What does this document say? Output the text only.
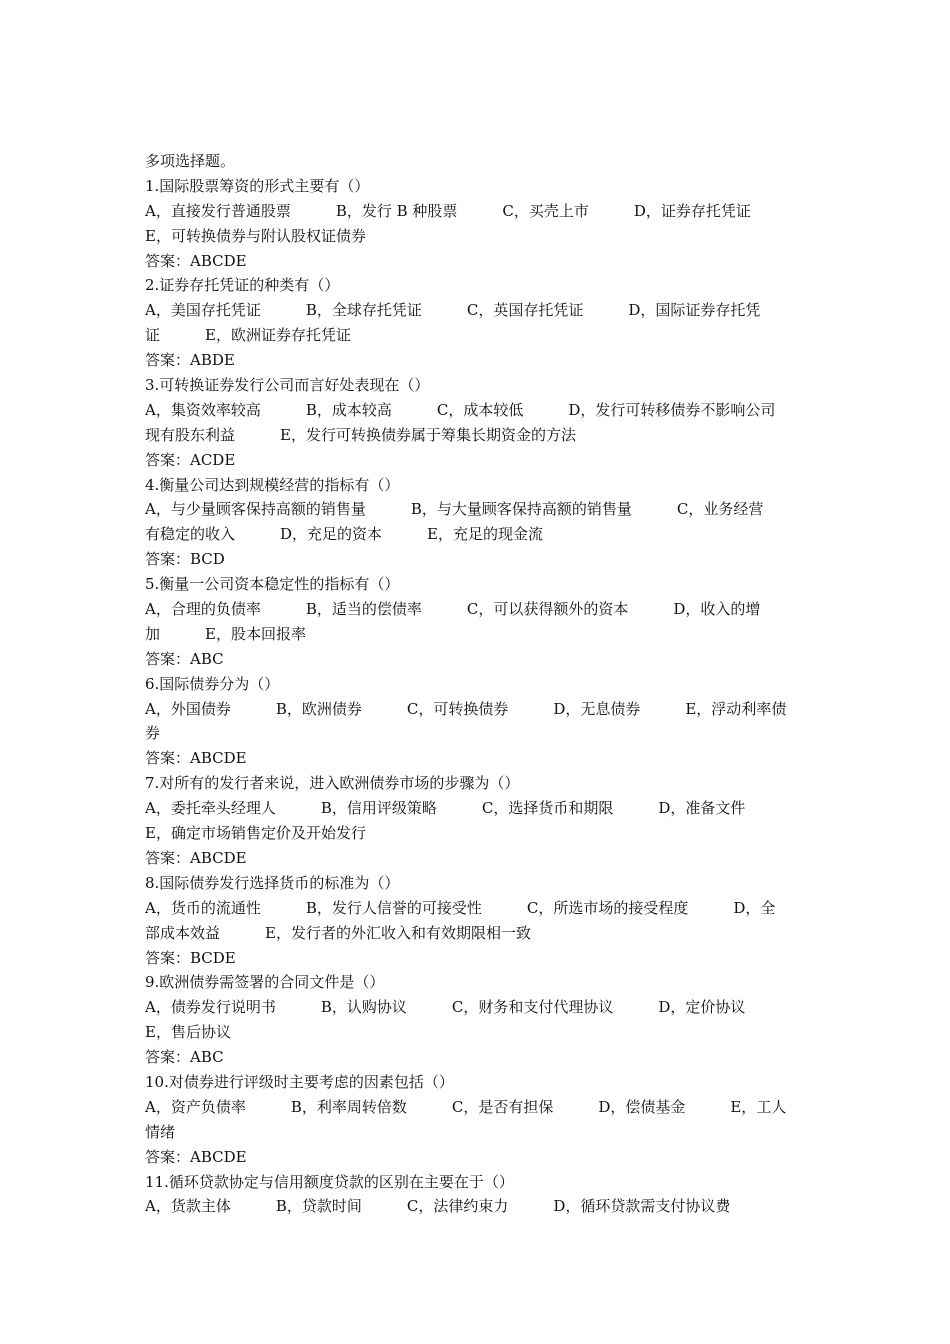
多项选择题。
1.国际股票筹资的形式主要有（）
A，直接发行普通股票　　　B，发行 B 种股票　　　C，买壳上市　　　D，证券存托凭证
E，可转换债券与附认股权证债券
答案：ABCDE
2.证券存托凭证的种类有（）
A，美国存托凭证　　　B，全球存托凭证　　　C，英国存托凭证　　　D，国际证券存托凭
证　　　E，欧洲证券存托凭证
答案：ABDE
3.可转换证券发行公司而言好处表现在（）
A，集资效率较高　　　B，成本较高　　　C，成本较低　　　D，发行可转移债券不影响公司
现有股东利益　　　E，发行可转换债券属于筹集长期资金的方法
答案：ACDE
4.衡量公司达到规模经营的指标有（）
A，与少量顾客保持高额的销售量　　　B，与大量顾客保持高额的销售量　　　C，业务经营
有稳定的收入　　　D，充足的资本　　　E，充足的现金流
答案：BCD
5.衡量一公司资本稳定性的指标有（）
A，合理的负债率　　　B，适当的偿债率　　　C，可以获得额外的资本　　　D，收入的增
加　　　E，股本回报率
答案：ABC
6.国际债券分为（）
A，外国债券　　　B，欧洲债券　　　C，可转换债券　　　D，无息债券　　　E，浮动利率债
券
答案：ABCDE
7.对所有的发行者来说，进入欧洲债券市场的步骤为（）
A，委托牵头经理人　　　B，信用评级策略　　　C，选择货币和期限　　　D，准备文件
E，确定市场销售定价及开始发行
答案：ABCDE
8.国际债券发行选择货币的标准为（）
A，货币的流通性　　　B，发行人信誉的可接受性　　　C，所选市场的接受程度　　　D，全
部成本效益　　　E，发行者的外汇收入和有效期限相一致
答案：BCDE
9.欧洲债券需签署的合同文件是（）
A，债券发行说明书　　　B，认购协议　　　C，财务和支付代理协议　　　D，定价协议
E，售后协议
答案：ABC
10.对债券进行评级时主要考虑的因素包括（）
A，资产负债率　　　B，利率周转倍数　　　C，是否有担保　　　D，偿债基金　　　E，工人
情绪
答案：ABCDE
11.循环贷款协定与信用额度贷款的区别在主要在于（）
A，货款主体　　　B，贷款时间　　　C，法律约束力　　　D，循环贷款需支付协议费
